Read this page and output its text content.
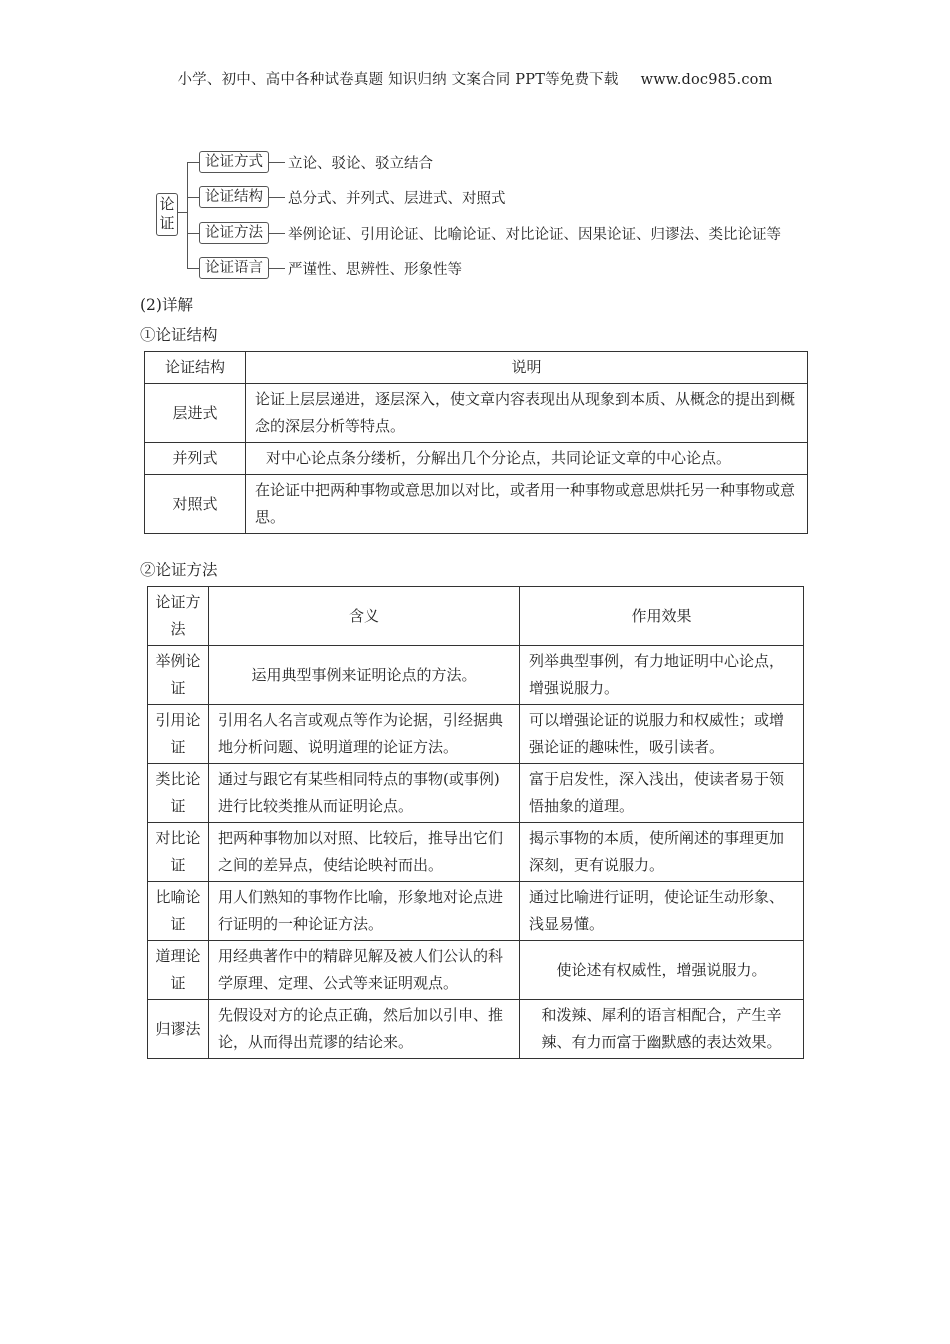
小学、初中、高中各种试卷真题 知识归纳 文案合同 PPT等免费下载 www.doc985.com
论证
论证方式	立论、驳论、驳立结合
论证结构	总分式、并列式、层进式、对照式
论证方法	举例论证、引用论证、比喻论证、对比论证、因果论证、归谬法、类比论证等
论证语言	严谨性、思辨性、形象性等
(2)详解
①论证结构
论证结构	说明
层进式	论证上层层递进，逐层深入，使文章内容表现出从现象到本质、从概念的提出到概念的深层分析等特点。
并列式	对中心论点条分缕析，分解出几个分论点，共同论证文章的中心论点。
对照式	在论证中把两种事物或意思加以对比，或者用一种事物或意思烘托另一种事物或意思。
②论证方法
论证方法	含义	作用效果
举例论证	运用典型事例来证明论点的方法。	列举典型事例，有力地证明中心论点，增强说服力。
引用论证	引用名人名言或观点等作为论据，引经据典地分析问题、说明道理的论证方法。	可以增强论证的说服力和权威性；或增强论证的趣味性，吸引读者。
类比论证	通过与跟它有某些相同特点的事物(或事例)进行比较类推从而证明论点。	富于启发性，深入浅出，使读者易于领悟抽象的道理。
对比论证	把两种事物加以对照、比较后，推导出它们之间的差异点，使结论映衬而出。	揭示事物的本质，使所阐述的事理更加深刻，更有说服力。
比喻论证	用人们熟知的事物作比喻，形象地对论点进行证明的一种论证方法。	通过比喻进行证明，使论证生动形象、浅显易懂。
道理论证	用经典著作中的精辟见解及被人们公认的科学原理、定理、公式等来证明观点。	使论述有权威性，增强说服力。
归谬法	先假设对方的论点正确，然后加以引申、推论，从而得出荒谬的结论来。	和泼辣、犀利的语言相配合，产生辛辣、有力而富于幽默感的表达效果。
